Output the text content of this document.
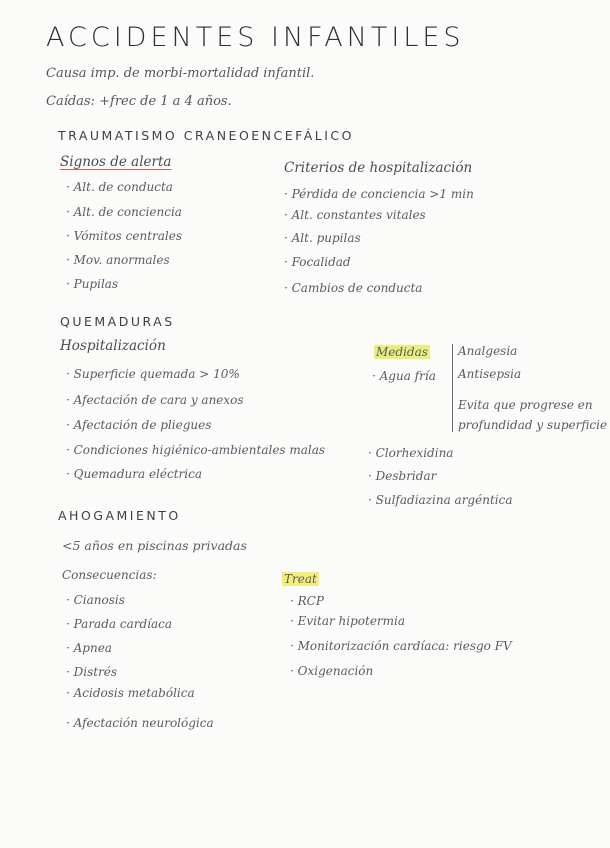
ACCIDENTES INFANTILES
Causa imp. de morbi-mortalidad infantil.
Caídas: +frec de 1 a 4 años.
TRAUMATISMO CRANEOENCEFÁLICO
Signos de alerta
· Alt. de conducta
· Alt. de conciencia
· Vómitos centrales
· Mov. anormales
· Pupilas
Criterios de hospitalización
· Pérdida de conciencia >1 min
· Alt. constantes vitales
· Alt. pupilas
· Focalidad
· Cambios de conducta
QUEMADURAS
Hospitalización
· Superficie quemada > 10%
· Afectación de cara y anexos
· Afectación de pliegues
· Condiciones higiénico-ambientales malas
· Quemadura eléctrica
Medidas
· Agua fría
Analgesia
Antisepsia
Evita que progrese en
profundidad y superficie
· Clorhexidina
· Desbridar
· Sulfadiazina argéntica
AHOGAMIENTO
<5 años en piscinas privadas
Consecuencias:
· Cianosis
· Parada cardíaca
· Apnea
· Distrés
· Acidosis metabólica
· Afectación neurológica
Treat
· RCP
· Evitar hipotermia
· Monitorización cardíaca: riesgo FV
· Oxigenación
